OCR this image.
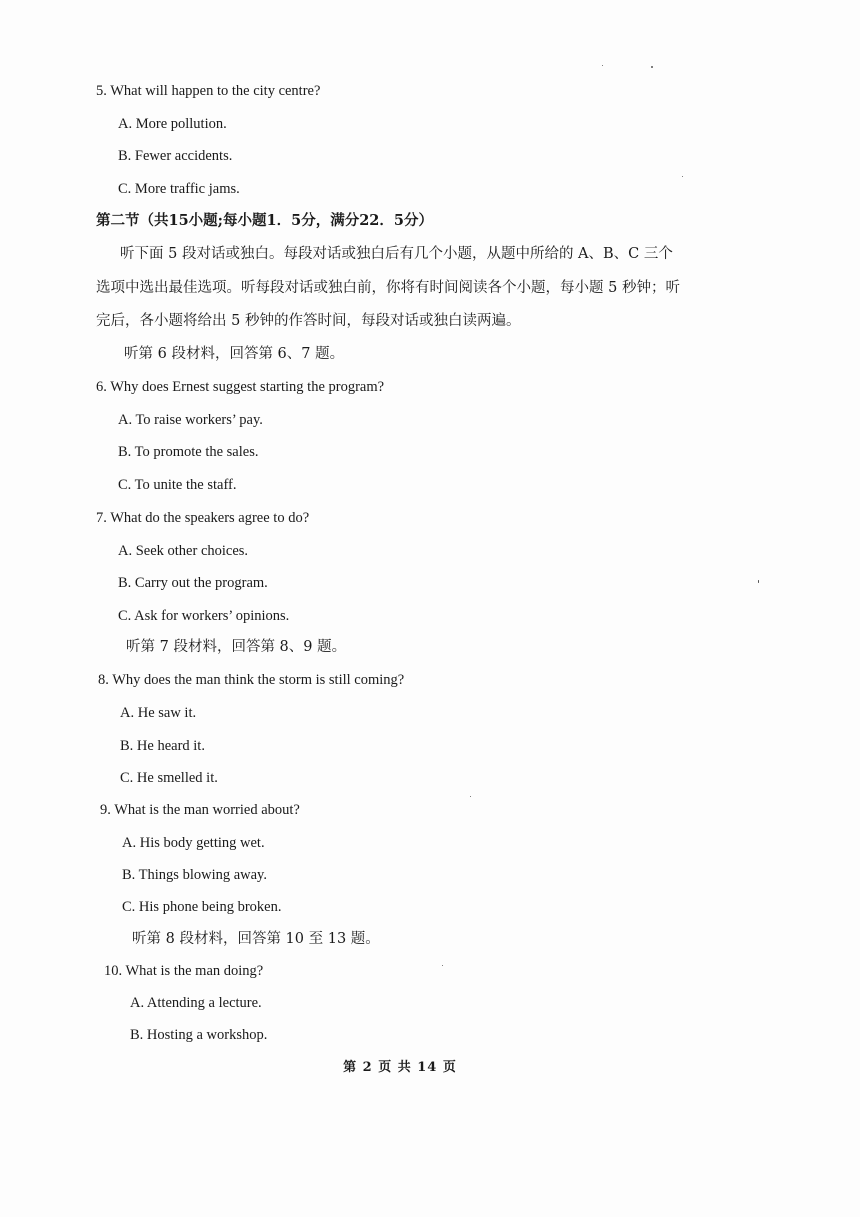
5. What will happen to the city centre?
A. More pollution.
B. Fewer accidents.
C. More traffic jams.
第二节（共15小题;每小题1．5分，满分22．5分）
听下面 5 段对话或独白。每段对话或独白后有几个小题，从题中所给的 A、B、C 三个
选项中选出最佳选项。听每段对话或独白前，你将有时间阅读各个小题，每小题 5 秒钟；听
完后，各小题将给出 5 秒钟的作答时间，每段对话或独白读两遍。
听第 6 段材料，回答第 6、7 题。
6. Why does Ernest suggest starting the program?
A. To raise workers’ pay.
B. To promote the sales.
C. To unite the staff.
7. What do the speakers agree to do?
A. Seek other choices.
B. Carry out the program.
C. Ask for workers’ opinions.
听第 7 段材料，回答第 8、9 题。
8. Why does the man think the storm is still coming?
A. He saw it.
B. He heard it.
C. He smelled it.
9. What is the man worried about?
A. His body getting wet.
B. Things blowing away.
C. His phone being broken.
听第 8 段材料，回答第 10 至 13 题。
10. What is the man doing?
A. Attending a lecture.
B. Hosting a workshop.
第 2 页 共 14 页
